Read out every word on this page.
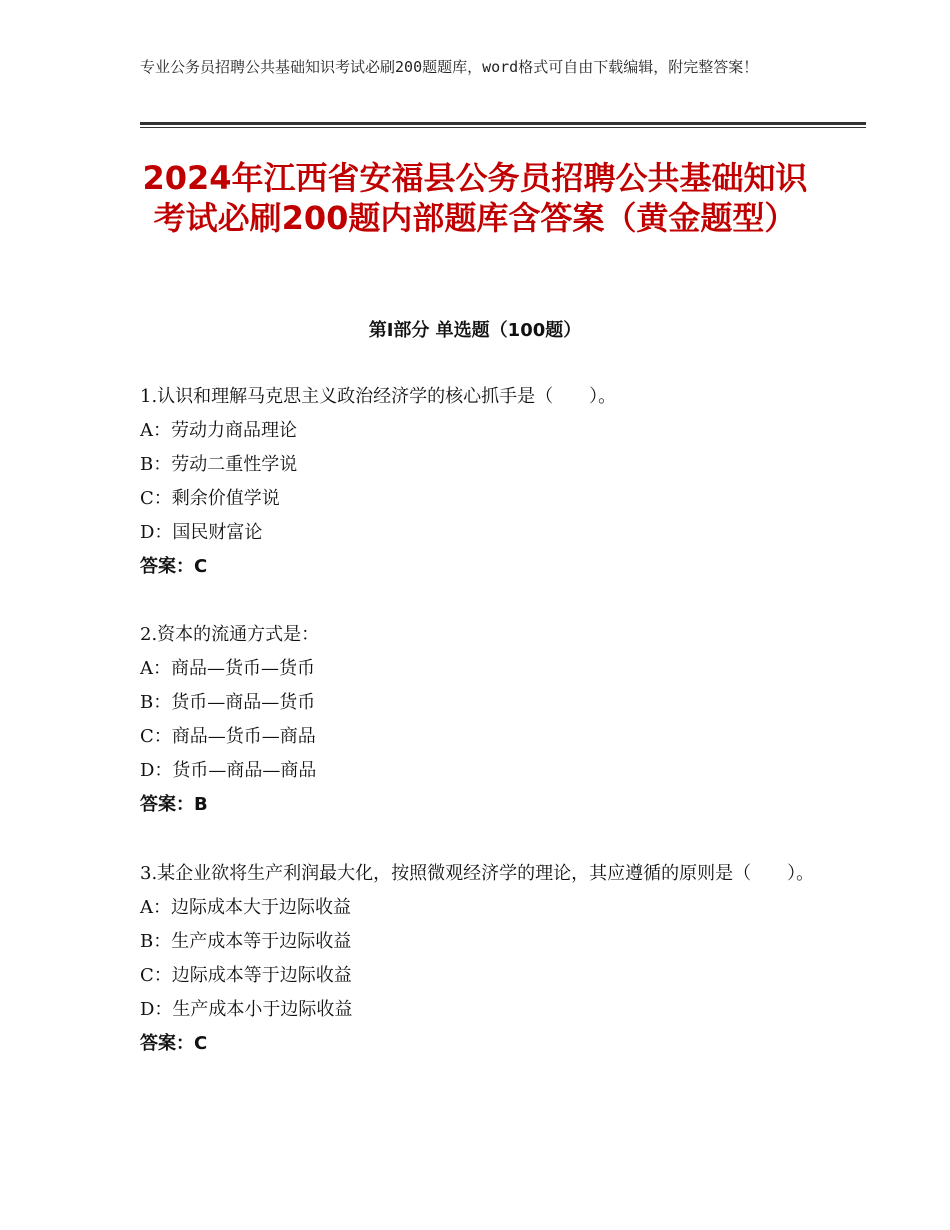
专业公务员招聘公共基础知识考试必刷200题题库，word格式可自由下载编辑，附完整答案！
2024年江西省安福县公务员招聘公共基础知识考试必刷200题内部题库含答案（黄金题型）
第Ⅰ部分 单选题（100题）
1.认识和理解马克思主义政治经济学的核心抓手是（　　）。
A：劳动力商品理论
B：劳动二重性学说
C：剩余价值学说
D：国民财富论
答案：C
2.资本的流通方式是：
A：商品—货币—货币
B：货币—商品—货币
C：商品—货币—商品
D：货币—商品—商品
答案：B
3.某企业欲将生产利润最大化，按照微观经济学的理论，其应遵循的原则是（　　）。
A：边际成本大于边际收益
B：生产成本等于边际收益
C：边际成本等于边际收益
D：生产成本小于边际收益
答案：C
